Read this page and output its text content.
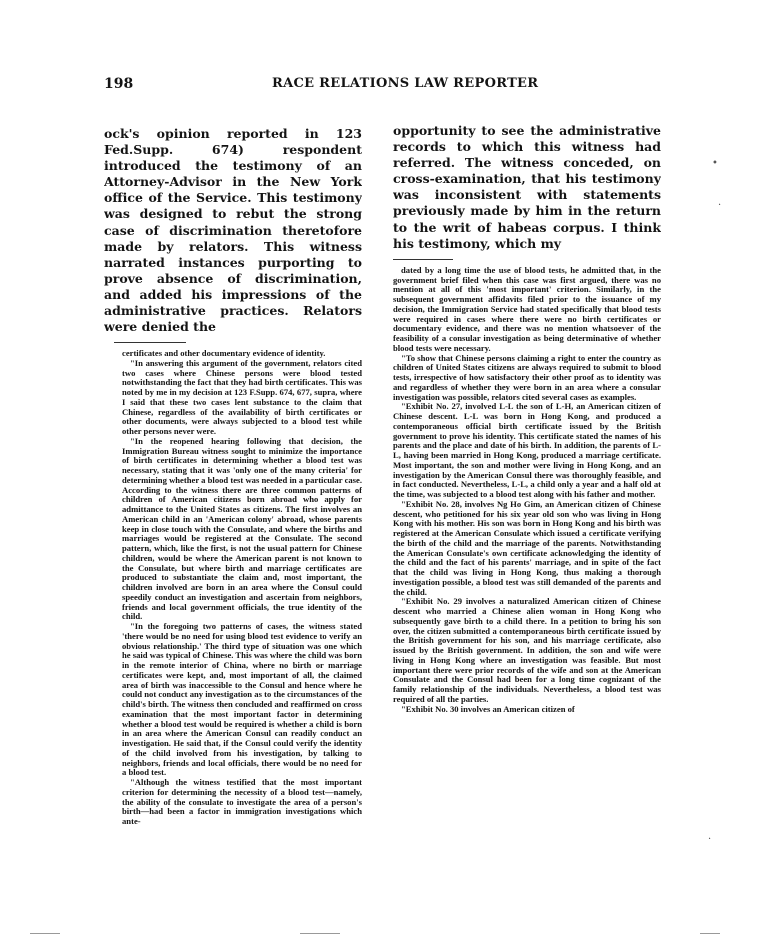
198	RACE RELATIONS LAW REPORTER

ock's opinion reported in 123 Fed.Supp. 674) respondent introduced the testimony of an Attorney-Advisor in the New York office of the Service. This testimony was designed to rebut the strong case of discrimination theretofore made by relators. This witness narrated instances purporting to prove absence of discrimination, and added his impressions of the administrative practices. Relators were denied the

certificates and other documentary evidence of identity.

"In answering this argument of the government, relators cited two cases where Chinese persons were blood tested notwithstanding the fact that they had birth certificates. This was noted by me in my decision at 123 F.Supp. 674, 677, supra, where I said that these two cases lent substance to the claim that Chinese, regardless of the availability of birth certificates or other documents, were always subjected to a blood test while other persons never were.

"In the reopened hearing following that decision, the Immigration Bureau witness sought to minimize the importance of birth certificates in determining whether a blood test was necessary, stating that it was 'only one of the many criteria' for determining whether a blood test was needed in a particular case. According to the witness there are three common patterns of children of American citizens born abroad who apply for admittance to the United States as citizens. The first involves an American child in an 'American colony' abroad, whose parents keep in close touch with the Consulate, and where the births and marriages would be registered at the Consulate. The second pattern, which, like the first, is not the usual pattern for Chinese children, would be where the American parent is not known to the Consulate, but where birth and marriage certificates are produced to substantiate the claim and, most important, the children involved are born in an area where the Consul could speedily conduct an investigation and ascertain from neighbors, friends and local government officials, the true identity of the child.

"In the foregoing two patterns of cases, the witness stated 'there would be no need for using blood test evidence to verify an obvious relationship.' The third type of situation was one which he said was typical of Chinese. This was where the child was born in the remote interior of China, where no birth or marriage certificates were kept, and, most important of all, the claimed area of birth was inaccessible to the Consul and hence where he could not conduct any investigation as to the circumstances of the child's birth. The witness then concluded and reaffirmed on cross examination that the most important factor in determining whether a blood test would be required is whether a child is born in an area where the American Consul can readily conduct an investigation. He said that, if the Consul could verify the identity of the child involved from his investigation, by talking to neighbors, friends and local officials, there would be no need for a blood test.

"Although the witness testified that the most important criterion for determining the necessity of a blood test—namely, the ability of the consulate to investigate the area of a person's birth—had been a factor in immigration investigations which ante-

opportunity to see the administrative records to which this witness had referred. The witness conceded, on cross-examination, that his testimony was inconsistent with statements previously made by him in the return to the writ of habeas corpus. I think his testimony, which my

dated by a long time the use of blood tests, he admitted that, in the government brief filed when this case was first argued, there was no mention at all of this 'most important' criterion. Similarly, in the subsequent government affidavits filed prior to the issuance of my decision, the Immigration Service had stated specifically that blood tests were required in cases where there were no birth certificates or documentary evidence, and there was no mention whatsoever of the feasibility of a consular investigation as being determinative of whether blood tests were necessary.

"To show that Chinese persons claiming a right to enter the country as children of United States citizens are always required to submit to blood tests, irrespective of how satisfactory their other proof as to identity was and regardless of whether they were born in an area where a consular investigation was possible, relators cited several cases as examples.

"Exhibit No. 27, involved L-L the son of L-H, an American citizen of Chinese descent. L-L was born in Hong Kong, and produced a contemporaneous official birth certificate issued by the British government to prove his identity. This certificate stated the names of his parents and the place and date of his birth. In addition, the parents of L-L, having been married in Hong Kong, produced a marriage certificate. Most important, the son and mother were living in Hong Kong, and an investigation by the American Consul there was thoroughly feasible, and in fact conducted. Nevertheless, L-L, a child only a year and a half old at the time, was subjected to a blood test along with his father and mother.

"Exhibit No. 28, involves Ng Ho Gim, an American citizen of Chinese descent, who petitioned for his six year old son who was living in Hong Kong with his mother. His son was born in Hong Kong and his birth was registered at the American Consulate which issued a certificate verifying the birth of the child and the marriage of the parents. Notwithstanding the American Consulate's own certificate acknowledging the identity of the child and the fact of his parents' marriage, and in spite of the fact that the child was living in Hong Kong, thus making a thorough investigation possible, a blood test was still demanded of the parents and the child.

"Exhibit No. 29 involves a naturalized American citizen of Chinese descent who married a Chinese alien woman in Hong Kong who subsequently gave birth to a child there. In a petition to bring his son over, the citizen submitted a contemporaneous birth certificate issued by the British government for his son, and his marriage certificate, also issued by the British government. In addition, the son and wife were living in Hong Kong where an investigation was feasible. But most important there were prior records of the wife and son at the American Consulate and the Consul had been for a long time cognizant of the family relationship of the individuals. Nevertheless, a blood test was required of all the parties.

"Exhibit No. 30 involves an American citizen of

•
·
·
